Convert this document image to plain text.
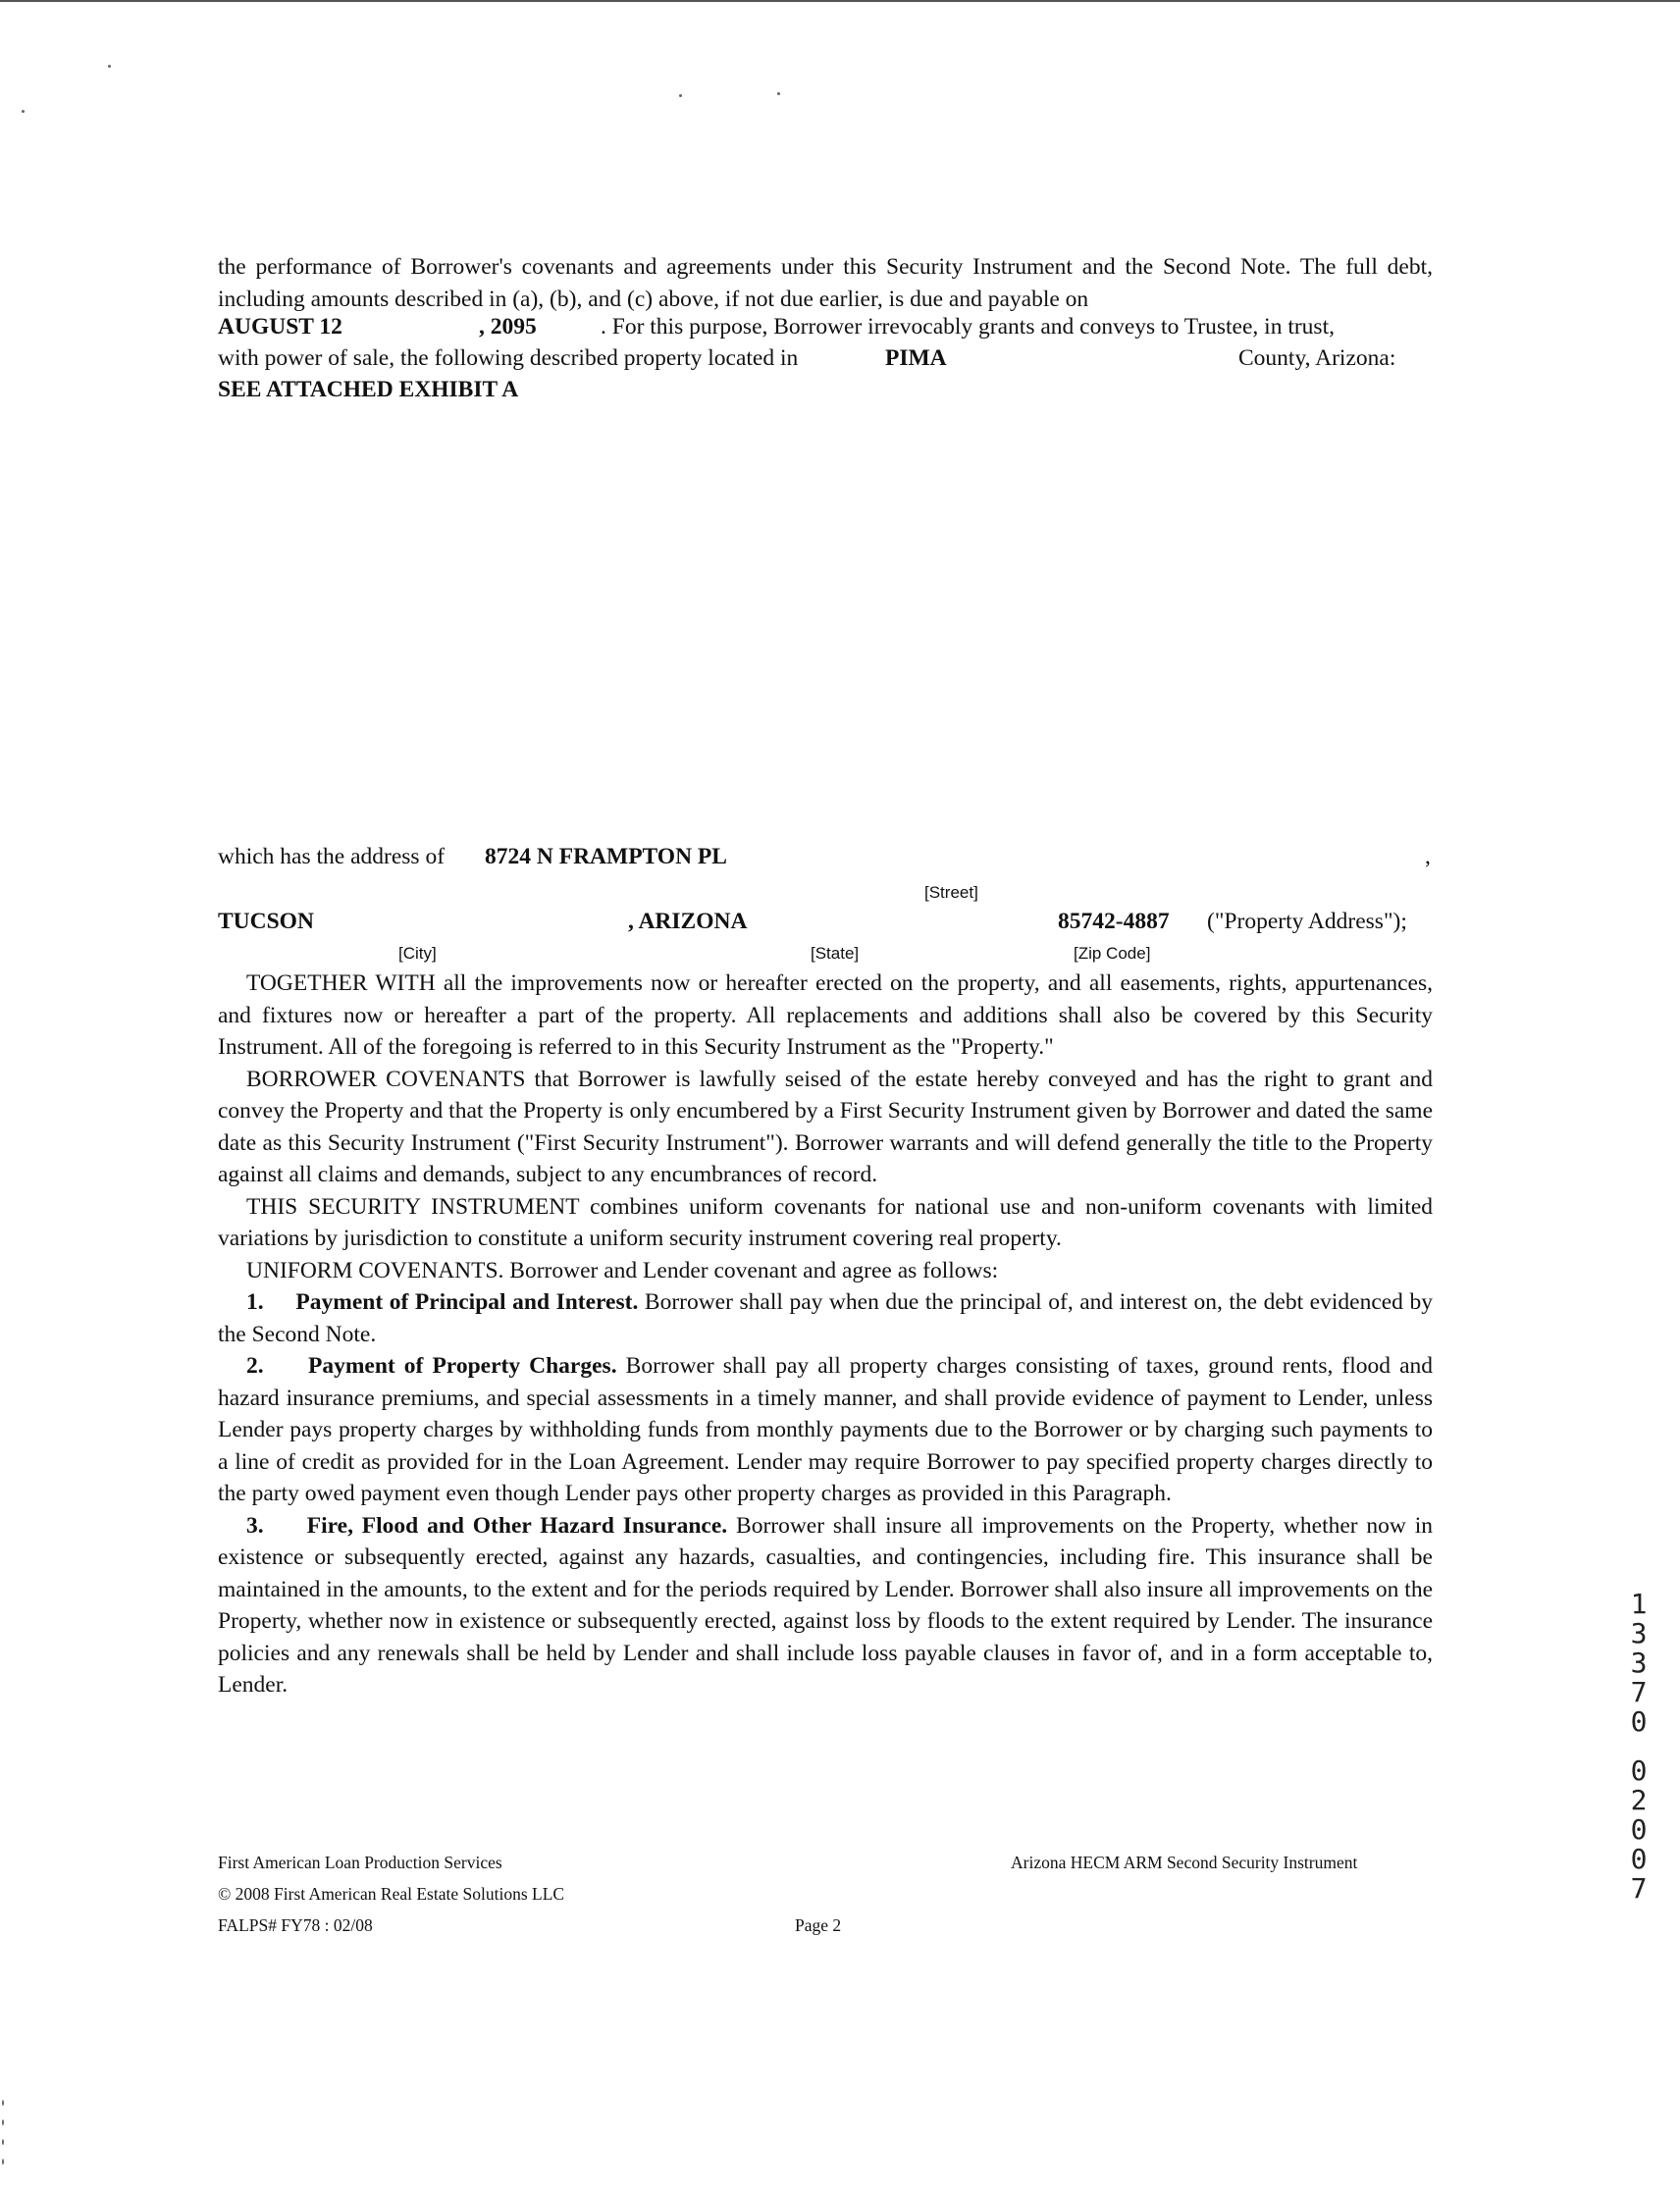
the performance of Borrower's covenants and agreements under this Security Instrument and the Second Note. The full debt, including amounts described in (a), (b), and (c) above, if not due earlier, is due and payable on

AUGUST 12	, 2095	. For this purpose, Borrower irrevocably grants and conveys to Trustee, in trust,
with power of sale, the following described property located in	PIMA	County, Arizona:
SEE ATTACHED EXHIBIT A
which has the address of 8724 N FRAMPTON PL	,
[Street]
TUCSON	, ARIZONA	85742-4887 ("Property Address");
[City]	[State]	[Zip Code]

TOGETHER WITH all the improvements now or hereafter erected on the property, and all easements, rights, appurtenances, and fixtures now or hereafter a part of the property. All replacements and additions shall also be covered by this Security Instrument. All of the foregoing is referred to in this Security Instrument as the "Property."

BORROWER COVENANTS that Borrower is lawfully seised of the estate hereby conveyed and has the right to grant and convey the Property and that the Property is only encumbered by a First Security Instrument given by Borrower and dated the same date as this Security Instrument ("First Security Instrument"). Borrower warrants and will defend generally the title to the Property against all claims and demands, subject to any encumbrances of record.

THIS SECURITY INSTRUMENT combines uniform covenants for national use and non-uniform covenants with limited variations by jurisdiction to constitute a uniform security instrument covering real property.

UNIFORM COVENANTS. Borrower and Lender covenant and agree as follows:

1. Payment of Principal and Interest. Borrower shall pay when due the principal of, and interest on, the debt evidenced by the Second Note.

2. Payment of Property Charges. Borrower shall pay all property charges consisting of taxes, ground rents, flood and hazard insurance premiums, and special assessments in a timely manner, and shall provide evidence of payment to Lender, unless Lender pays property charges by withholding funds from monthly payments due to the Borrower or by charging such payments to a line of credit as provided for in the Loan Agreement. Lender may require Borrower to pay specified property charges directly to the party owed payment even though Lender pays other property charges as provided in this Paragraph.

3. Fire, Flood and Other Hazard Insurance. Borrower shall insure all improvements on the Property, whether now in existence or subsequently erected, against any hazards, casualties, and contingencies, including fire. This insurance shall be maintained in the amounts, to the extent and for the periods required by Lender. Borrower shall also insure all improvements on the Property, whether now in existence or subsequently erected, against loss by floods to the extent required by Lender. The insurance policies and any renewals shall be held by Lender and shall include loss payable clauses in favor of, and in a form acceptable to, Lender.

First American Loan Production Services
© 2008 First American Real Estate Solutions LLC
FALPS# FY78 : 02/08	Page 2
Arizona HECM ARM Second Security Instrument
1
3
3
7
0
0
2
0
0
7
